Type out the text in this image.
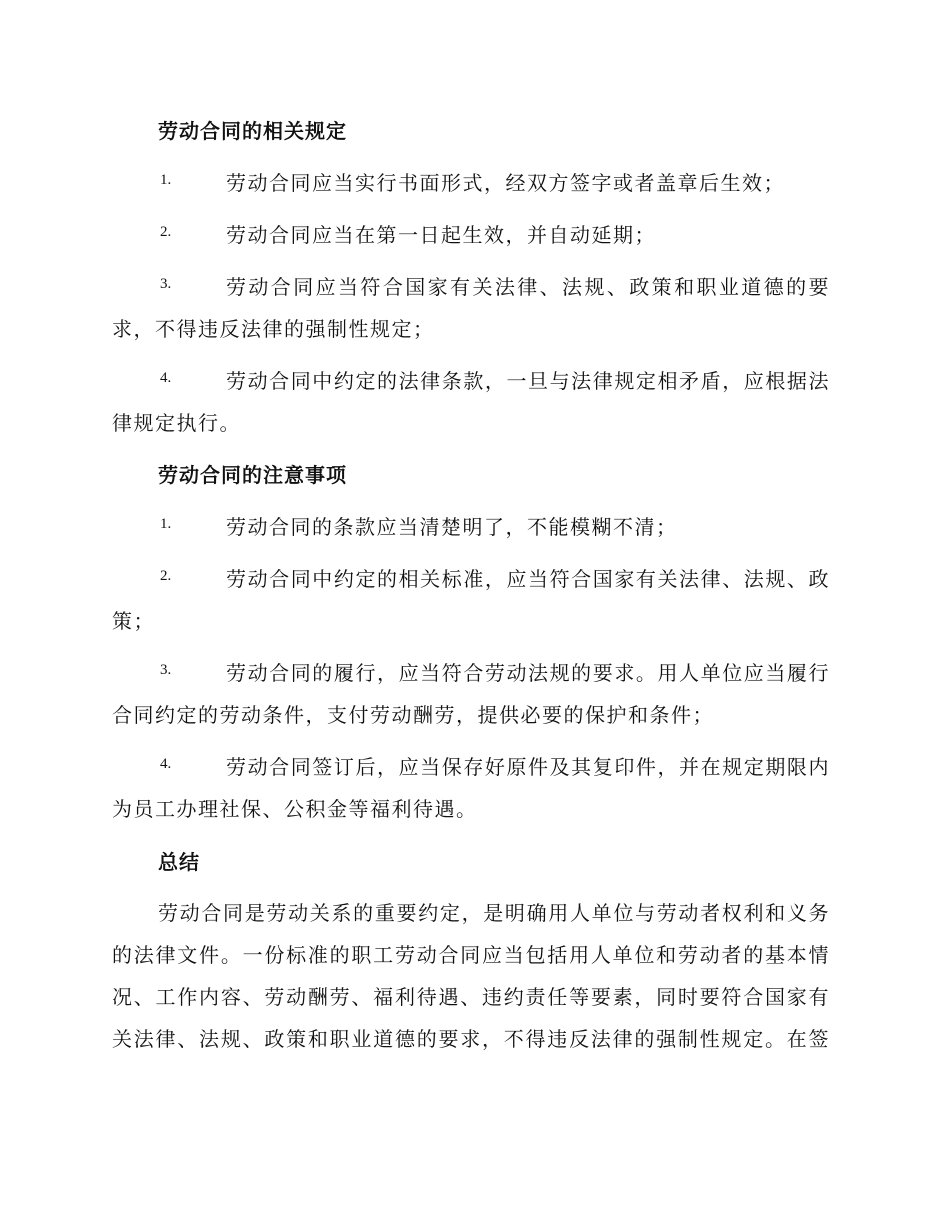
劳动合同的相关规定
1.	劳动合同应当实行书面形式，经双方签字或者盖章后生效；
2.	劳动合同应当在第一日起生效，并自动延期；
3.	劳动合同应当符合国家有关法律、法规、政策和职业道德的要
求，不得违反法律的强制性规定；
4.	劳动合同中约定的法律条款，一旦与法律规定相矛盾，应根据法
律规定执行。
劳动合同的注意事项
1.	劳动合同的条款应当清楚明了，不能模糊不清；
2.	劳动合同中约定的相关标准，应当符合国家有关法律、法规、政
策；
3.	劳动合同的履行，应当符合劳动法规的要求。用人单位应当履行
合同约定的劳动条件，支付劳动酬劳，提供必要的保护和条件；
4.	劳动合同签订后，应当保存好原件及其复印件，并在规定期限内
为员工办理社保、公积金等福利待遇。
总结
劳动合同是劳动关系的重要约定，是明确用人单位与劳动者权利和义务
的法律文件。一份标准的职工劳动合同应当包括用人单位和劳动者的基本情
况、工作内容、劳动酬劳、福利待遇、违约责任等要素，同时要符合国家有
关法律、法规、政策和职业道德的要求，不得违反法律的强制性规定。在签
